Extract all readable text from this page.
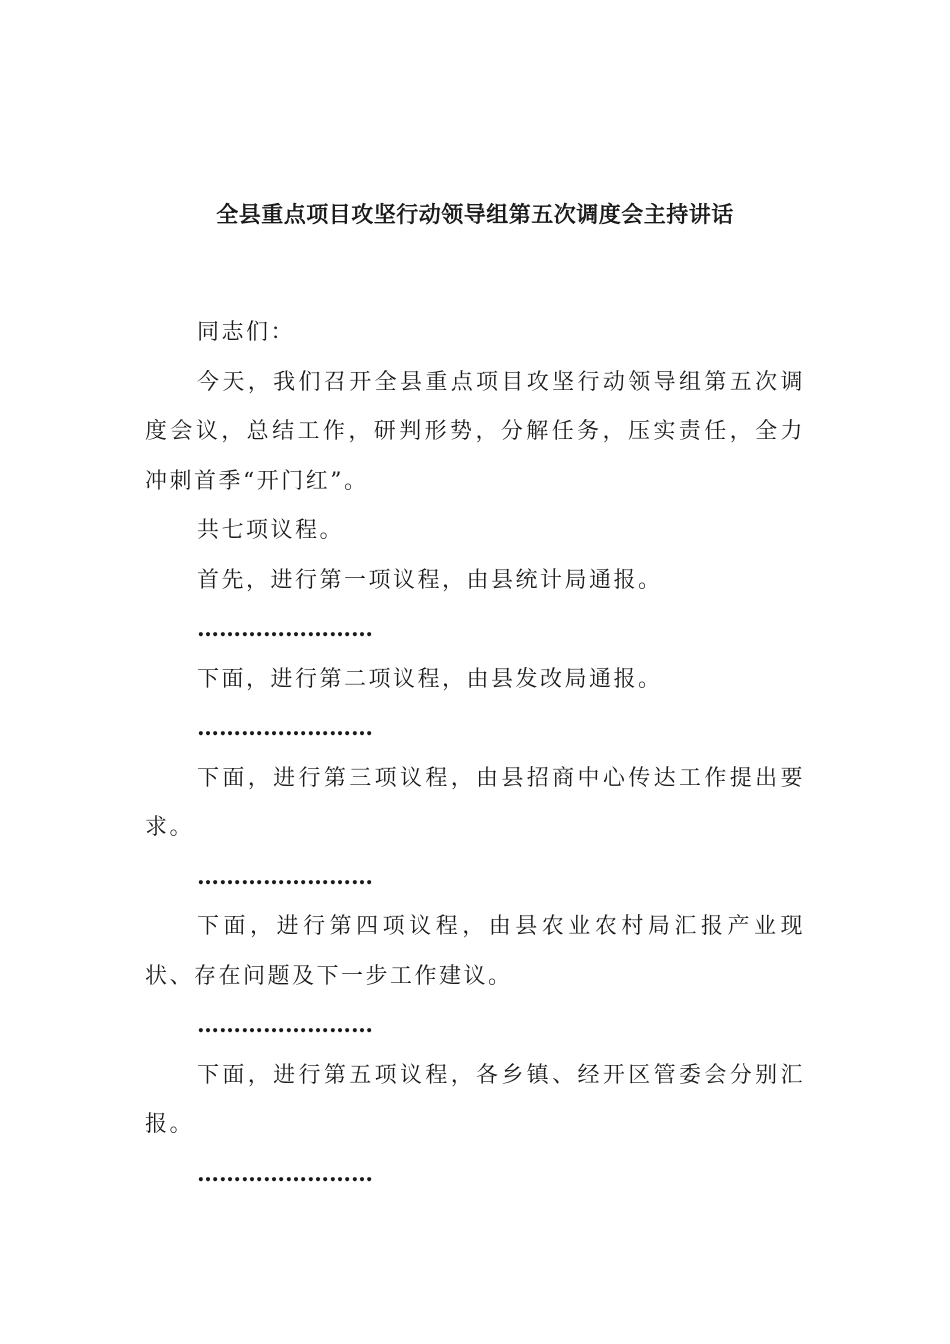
全县重点项目攻坚行动领导组第五次调度会主持讲话

同志们：

今天，我们召开全县重点项目攻坚行动领导组第五次调度会议，总结工作，研判形势，分解任务，压实责任，全力冲刺首季“开门红”。

共七项议程。

首先，进行第一项议程，由县统计局通报。

……………………

下面，进行第二项议程，由县发改局通报。

……………………

下面，进行第三项议程，由县招商中心传达工作提出要求。

……………………

下面，进行第四项议程，由县农业农村局汇报产业现状、存在问题及下一步工作建议。

……………………

下面，进行第五项议程，各乡镇、经开区管委会分别汇报。

……………………
